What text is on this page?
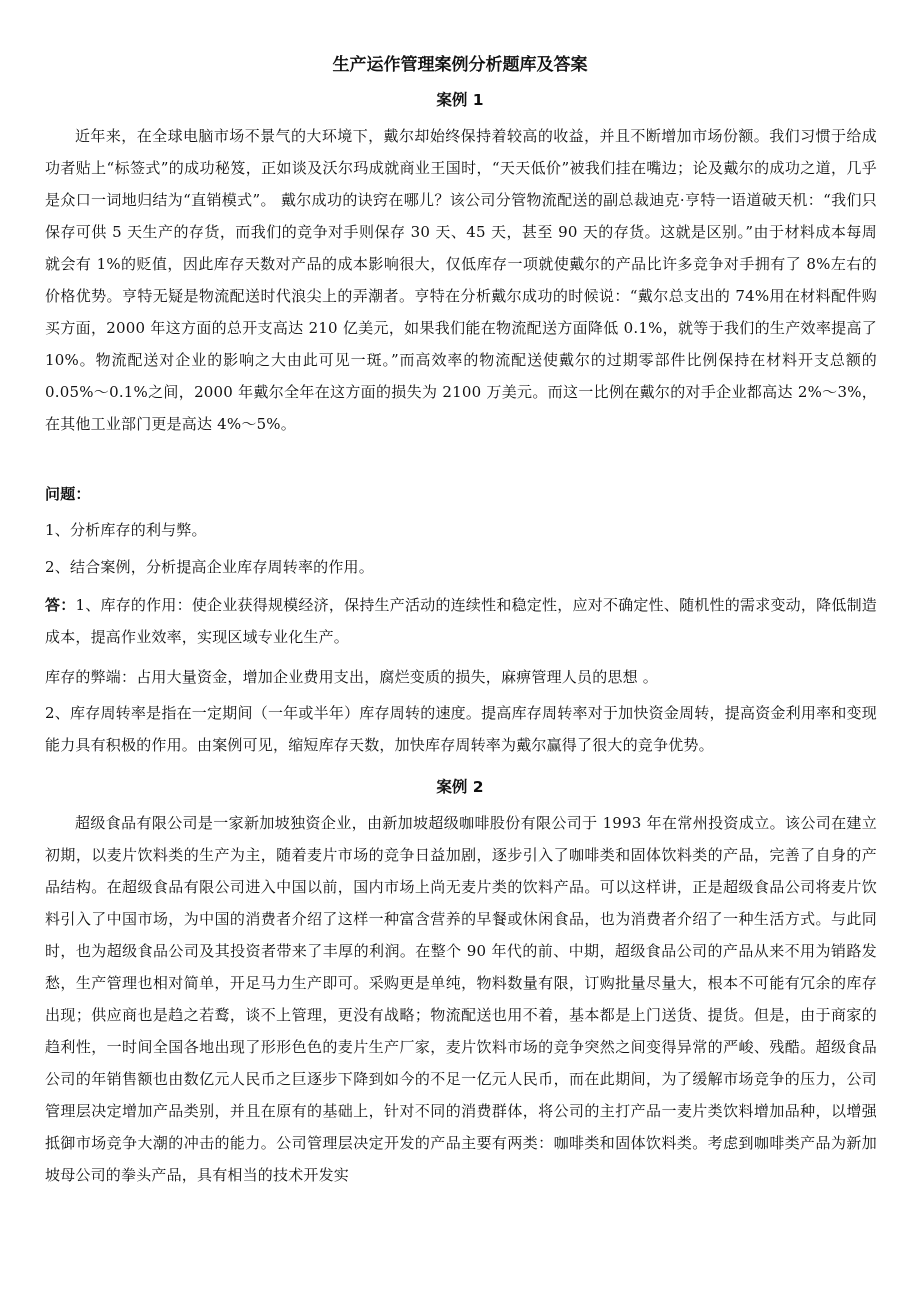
生产运作管理案例分析题库及答案
案例 1

近年来，在全球电脑市场不景气的大环境下，戴尔却始终保持着较高的收益，并且不断增加市场份额。我们习惯于给成功者贴上“标签式”的成功秘笈，正如谈及沃尔玛成就商业王国时，“天天低价”被我们挂在嘴边；论及戴尔的成功之道，几乎是众口一词地归结为“直销模式”。 戴尔成功的诀窍在哪儿？该公司分管物流配送的副总裁迪克·亨特一语道破天机：“我们只保存可供 5 天生产的存货，而我们的竞争对手则保存 30 天、45 天，甚至 90 天的存货。这就是区别。”由于材料成本每周就会有 1%的贬值，因此库存天数对产品的成本影响很大，仅低库存一项就使戴尔的产品比许多竞争对手拥有了 8%左右的价格优势。亨特无疑是物流配送时代浪尖上的弄潮者。亨特在分析戴尔成功的时候说：“戴尔总支出的 74%用在材料配件购买方面，2000 年这方面的总开支高达 210 亿美元，如果我们能在物流配送方面降低 0.1%，就等于我们的生产效率提高了 10%。物流配送对企业的影响之大由此可见一斑。”而高效率的物流配送使戴尔的过期零部件比例保持在材料开支总额的 0.05%～0.1%之间，2000 年戴尔全年在这方面的损失为 2100 万美元。而这一比例在戴尔的对手企业都高达 2%～3%，在其他工业部门更是高达 4%～5%。

问题：

1、分析库存的利与弊。

2、结合案例，分析提高企业库存周转率的作用。

答：1、库存的作用：使企业获得规模经济，保持生产活动的连续性和稳定性，应对不确定性、随机性的需求变动，降低制造成本，提高作业效率，实现区域专业化生产。

库存的弊端：占用大量资金，增加企业费用支出，腐烂变质的损失，麻痹管理人员的思想 。

2、库存周转率是指在一定期间（一年或半年）库存周转的速度。提高库存周转率对于加快资金周转，提高资金利用率和变现能力具有积极的作用。由案例可见，缩短库存天数，加快库存周转率为戴尔赢得了很大的竞争优势。

案例 2

超级食品有限公司是一家新加坡独资企业，由新加坡超级咖啡股份有限公司于 1993 年在常州投资成立。该公司在建立初期，以麦片饮料类的生产为主，随着麦片市场的竞争日益加剧，逐步引入了咖啡类和固体饮料类的产品，完善了自身的产品结构。在超级食品有限公司进入中国以前，国内市场上尚无麦片类的饮料产品。可以这样讲，正是超级食品公司将麦片饮料引入了中国市场，为中国的消费者介绍了这样一种富含营养的早餐或休闲食品，也为消费者介绍了一种生活方式。与此同时，也为超级食品公司及其投资者带来了丰厚的利润。在整个 90 年代的前、中期，超级食品公司的产品从来不用为销路发愁，生产管理也相对简单，开足马力生产即可。采购更是单纯，物料数量有限，订购批量尽量大，根本不可能有冗余的库存出现；供应商也是趋之若鹜，谈不上管理，更没有战略；物流配送也用不着，基本都是上门送货、提货。但是，由于商家的趋利性，一时间全国各地出现了形形色色的麦片生产厂家，麦片饮料市场的竞争突然之间变得异常的严峻、残酷。超级食品公司的年销售额也由数亿元人民币之巨逐步下降到如今的不足一亿元人民币，而在此期间，为了缓解市场竞争的压力，公司管理层决定增加产品类别，并且在原有的基础上，针对不同的消费群体，将公司的主打产品一麦片类饮料增加品种，以增强抵御市场竞争大潮的冲击的能力。公司管理层决定开发的产品主要有两类：咖啡类和固体饮料类。考虑到咖啡类产品为新加坡母公司的拳头产品，具有相当的技术开发实
